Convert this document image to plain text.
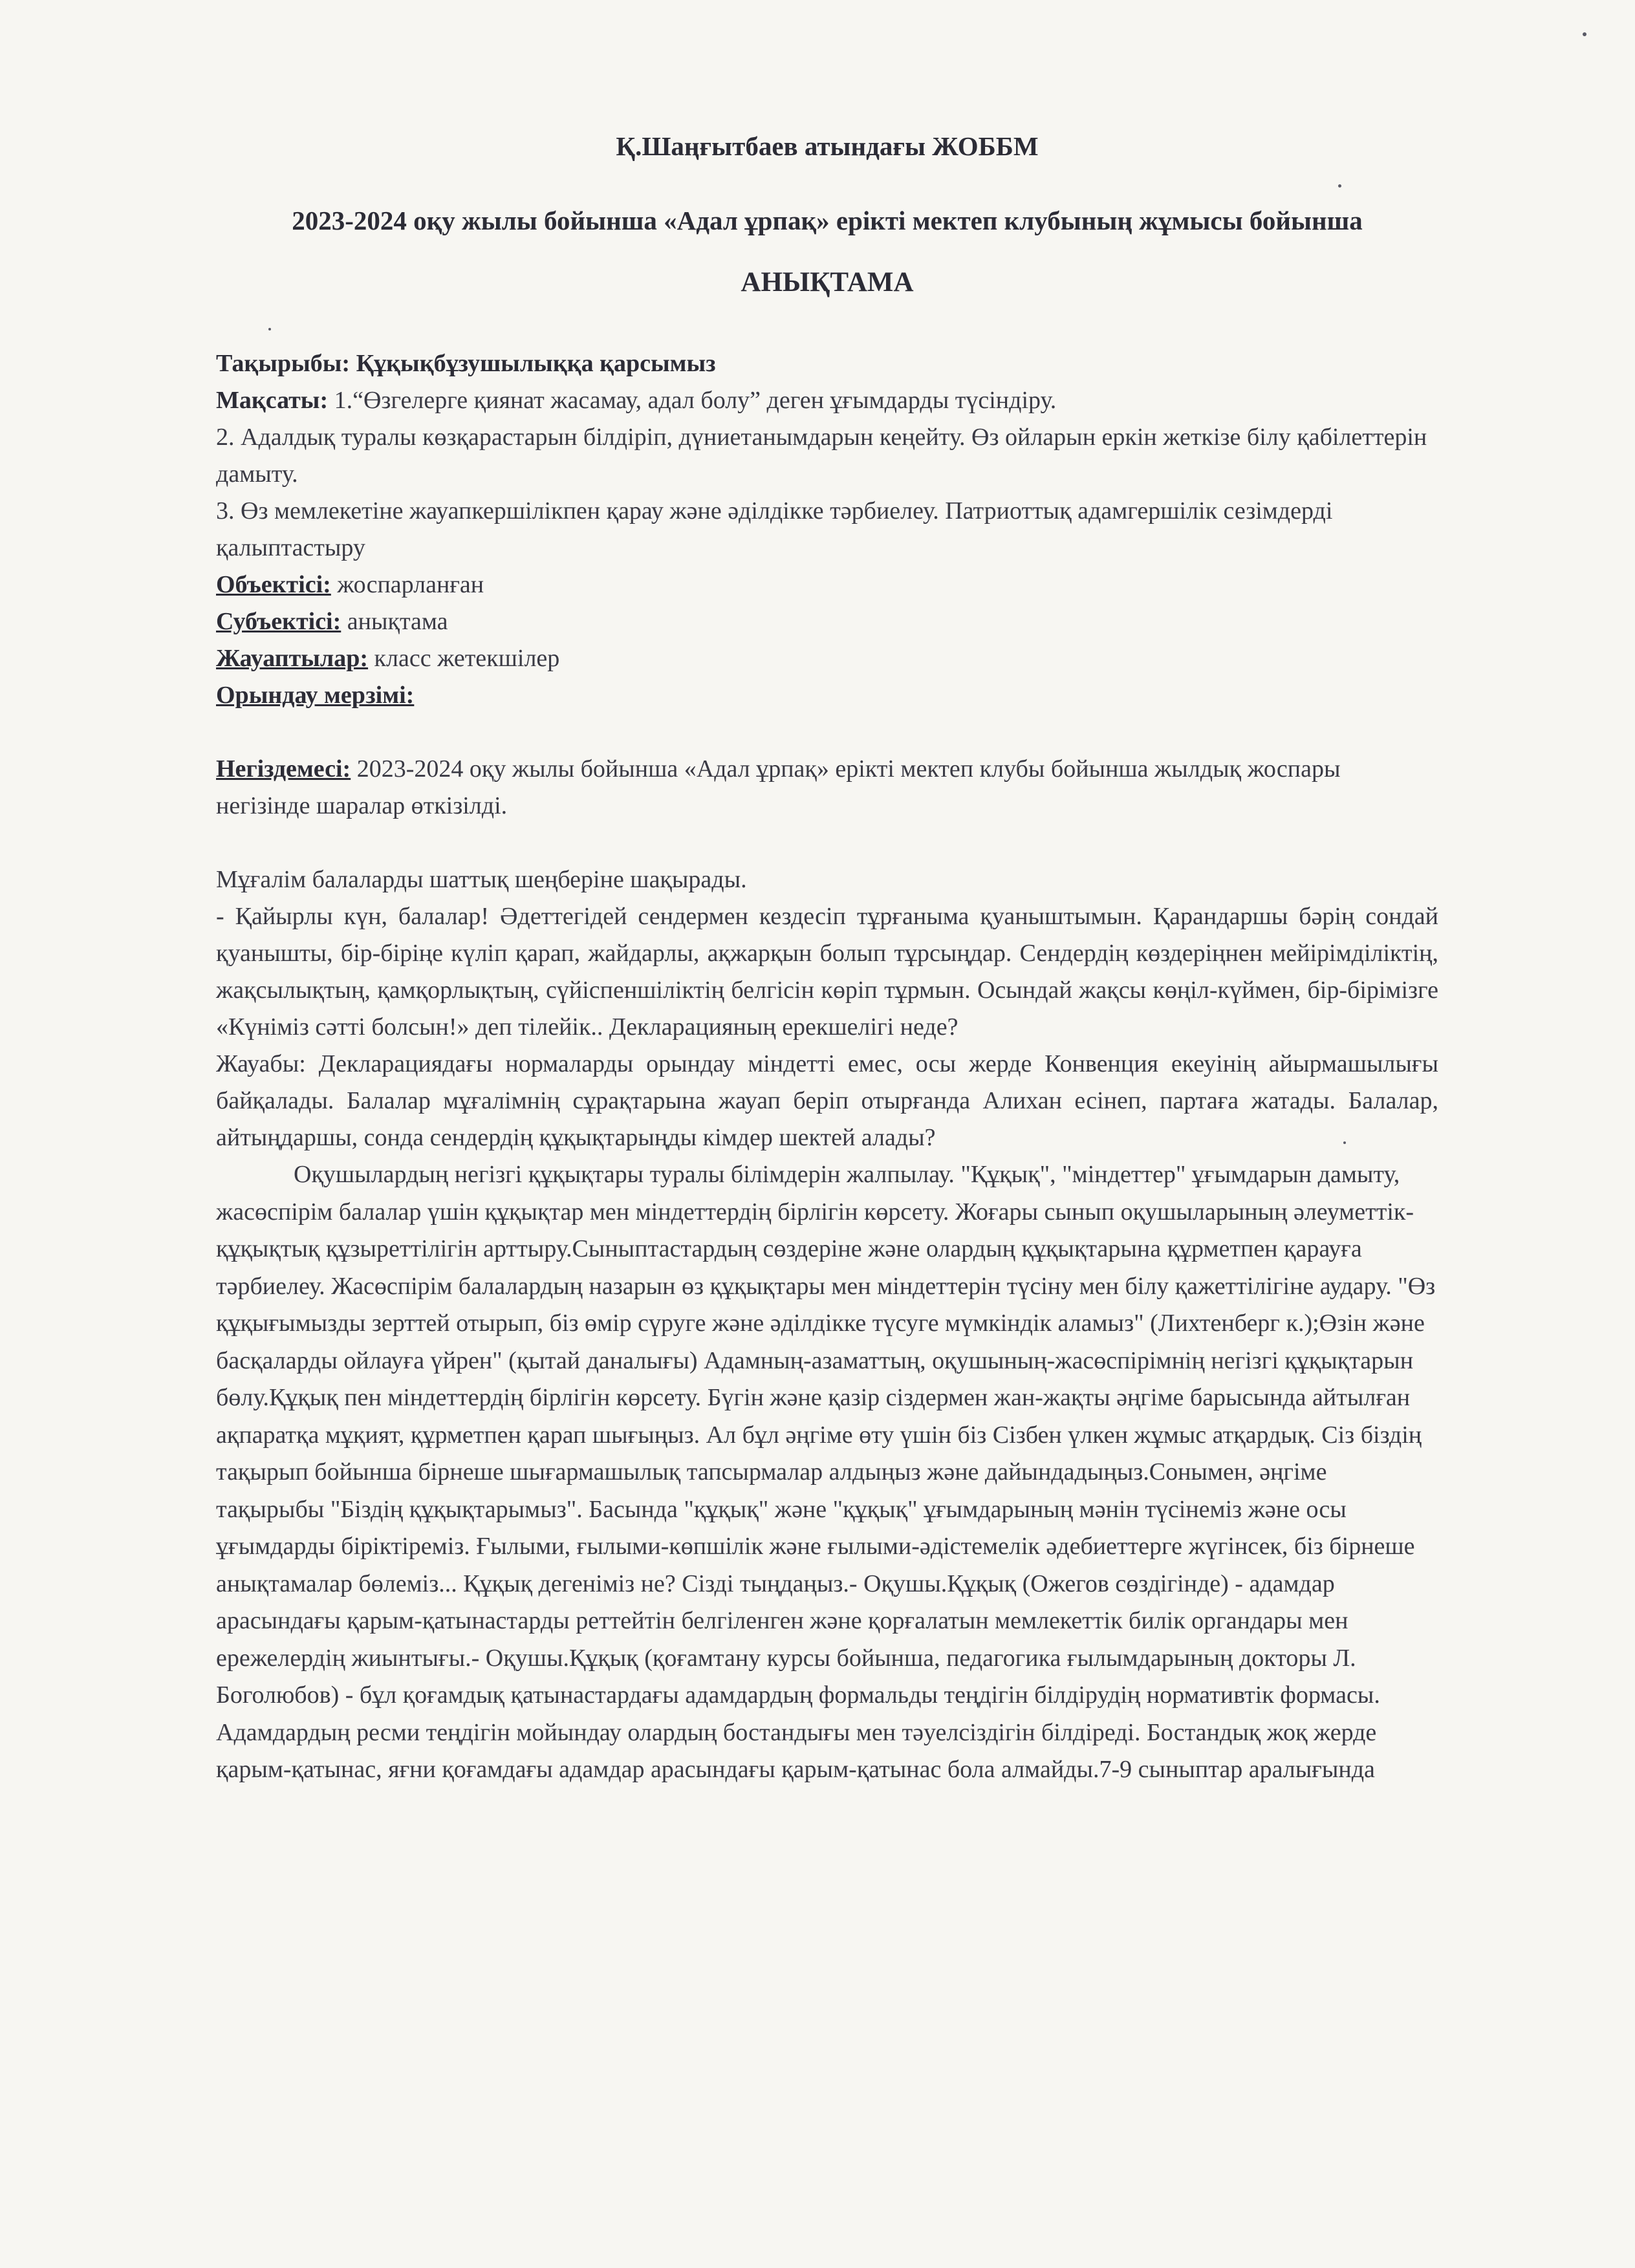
Қ.Шаңғытбаев атындағы ЖОББМ

2023-2024 оқу жылы бойынша «Адал ұрпақ» ерікті мектеп клубының жұмысы бойынша

АНЫҚТАМА

Тақырыбы: Құқықбұзушылыққа қарсымыз

Мақсаты: 1.“Өзгелерге қиянат жасамау, адал болу” деген ұғымдарды түсіндіру.

2. Адалдық туралы көзқарастарын білдіріп, дүниетанымдарын кеңейту. Өз ойларын еркін жеткізе білу қабілеттерін дамыту.

3. Өз мемлекетіне жауапкершілікпен қарау және әділдікке тәрбиелеу. Патриоттық адамгершілік сезімдерді қалыптастыру

Объектісі: жоспарланған

Субъектісі: анықтама

Жауаптылар: класс жетекшілер

Орындау мерзімі:

Негіздемесі: 2023-2024 оқу жылы бойынша «Адал ұрпақ» ерікті мектеп клубы бойынша жылдық жоспары негізінде шаралар өткізілді.

Мұғалім балаларды шаттық шеңберіне шақырады.

- Қайырлы күн, балалар! Әдеттегідей сендермен кездесіп тұрғаныма қуаныштымын. Қарандаршы бәрің сондай қуанышты, бір-біріңе күліп қарап, жайдарлы, ақжарқын болып тұрсыңдар. Сендердің көздеріңнен мейірімділіктің, жақсылықтың, қамқорлықтың, сүйіспеншіліктің белгісін көріп тұрмын. Осындай жақсы көңіл-күймен, бір-бірімізге «Күніміз сәтті болсын!» деп тілейік.. Декларацияның ерекшелігі неде?

Жауабы: Декларациядағы нормаларды орындау міндетті емес, осы жерде Конвенция екеуінің айырмашылығы байқалады. Балалар мұғалімнің сұрақтарына жауап беріп отырғанда Алихан есінеп, партаға жатады. Балалар, айтыңдаршы, сонда сендердің құқықтарыңды кімдер шектей алады?

Оқушылардың негізгі құқықтары туралы білімдерін жалпылау. "Құқық", "міндеттер" ұғымдарын дамыту, жасөспірім балалар үшін құқықтар мен міндеттердің бірлігін көрсету. Жоғары сынып оқушыларының әлеуметтік-құқықтық құзыреттілігін арттыру.Сыныптастардың сөздеріне және олардың құқықтарына құрметпен қарауға тәрбиелеу. Жасөспірім балалардың назарын өз құқықтары мен міндеттерін түсіну мен білу қажеттілігіне аудару. "Өз құқығымызды зерттей отырып, біз өмір сүруге және әділдікке түсуге мүмкіндік аламыз" (Лихтенберг к.);Өзін және басқаларды ойлауға үйрен" (қытай даналығы) Адамның-азаматтың, оқушының-жасөспірімнің негізгі құқықтарын бөлу.Құқық пен міндеттердің бірлігін көрсету. Бүгін және қазір сіздермен жан-жақты әңгіме барысында айтылған ақпаратқа мұқият, құрметпен қарап шығыңыз. Ал бұл әңгіме өту үшін біз Сізбен үлкен жұмыс атқардық. Сіз біздің тақырып бойынша бірнеше шығармашылық тапсырмалар алдыңыз және дайындадыңыз.Сонымен, әңгіме тақырыбы "Біздің құқықтарымыз". Басында "құқық" және "құқық" ұғымдарының мәнін түсінеміз және осы ұғымдарды біріктіреміз. Ғылыми, ғылыми-көпшілік және ғылыми-әдістемелік әдебиеттерге жүгінсек, біз бірнеше анықтамалар бөлеміз... Құқық дегеніміз не? Сізді тыңдаңыз.- Оқушы.Құқық (Ожегов сөздігінде) - адамдар арасындағы қарым-қатынастарды реттейтін белгіленген және қорғалатын мемлекеттік билік органдары мен ережелердің жиынтығы.- Оқушы.Құқық (қоғамтану курсы бойынша, педагогика ғылымдарының докторы Л. Боголюбов) - бұл қоғамдық қатынастардағы адамдардың формальды теңдігін білдірудің нормативтік формасы. Адамдардың ресми теңдігін мойындау олардың бостандығы мен тәуелсіздігін білдіреді. Бостандық жоқ жерде қарым-қатынас, яғни қоғамдағы адамдар арасындағы қарым-қатынас бола алмайды.7-9 сыныптар аралығында
